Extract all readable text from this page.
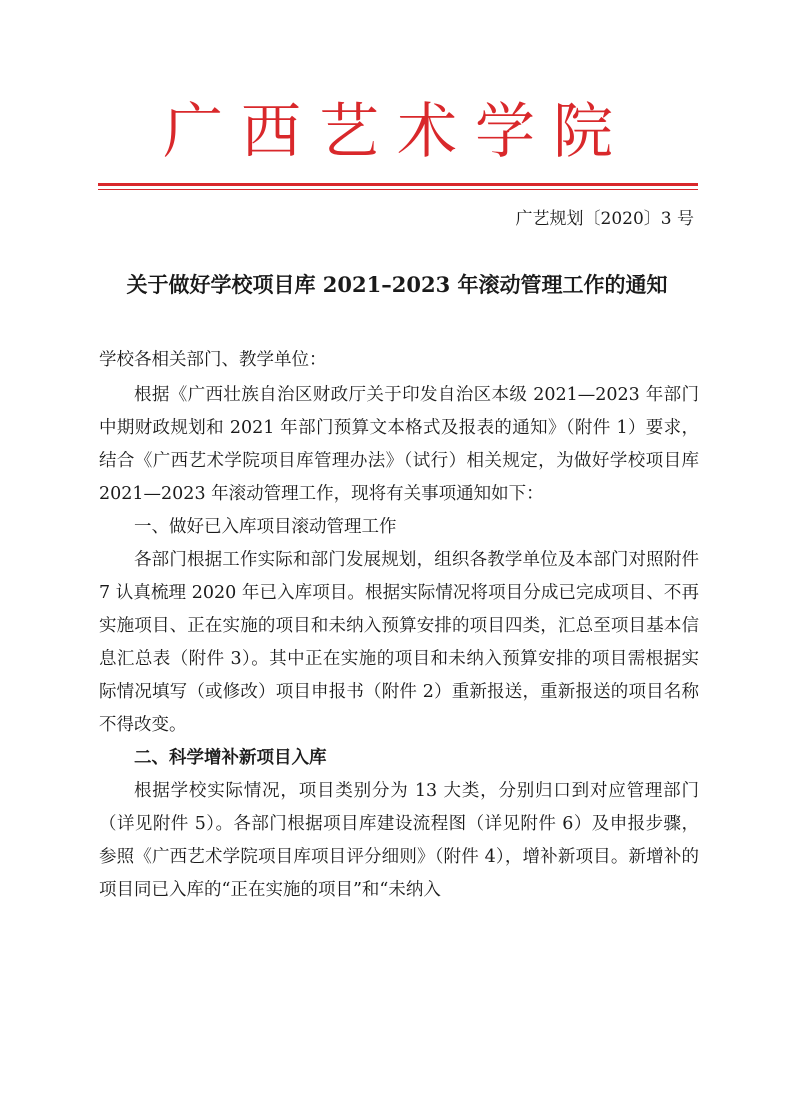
广西艺术学院
广艺规划〔2020〕3 号
关于做好学校项目库 2021–2023 年滚动管理工作的通知

学校各相关部门、教学单位：

根据《广西壮族自治区财政厅关于印发自治区本级 2021—2023 年部门中期财政规划和 2021 年部门预算文本格式及报表的通知》（附件 1）要求，结合《广西艺术学院项目库管理办法》（试行）相关规定，为做好学校项目库 2021—2023 年滚动管理工作，现将有关事项通知如下：

一、做好已入库项目滚动管理工作

各部门根据工作实际和部门发展规划，组织各教学单位及本部门对照附件 7 认真梳理 2020 年已入库项目。根据实际情况将项目分成已完成项目、不再实施项目、正在实施的项目和未纳入预算安排的项目四类，汇总至项目基本信息汇总表（附件 3）。其中正在实施的项目和未纳入预算安排的项目需根据实际情况填写（或修改）项目申报书（附件 2）重新报送，重新报送的项目名称不得改变。

二、科学增补新项目入库

根据学校实际情况，项目类别分为 13 大类，分别归口到对应管理部门（详见附件 5）。各部门根据项目库建设流程图（详见附件 6）及申报步骤，参照《广西艺术学院项目库项目评分细则》（附件 4），增补新项目。新增补的项目同已入库的“正在实施的项目”和“未纳入
